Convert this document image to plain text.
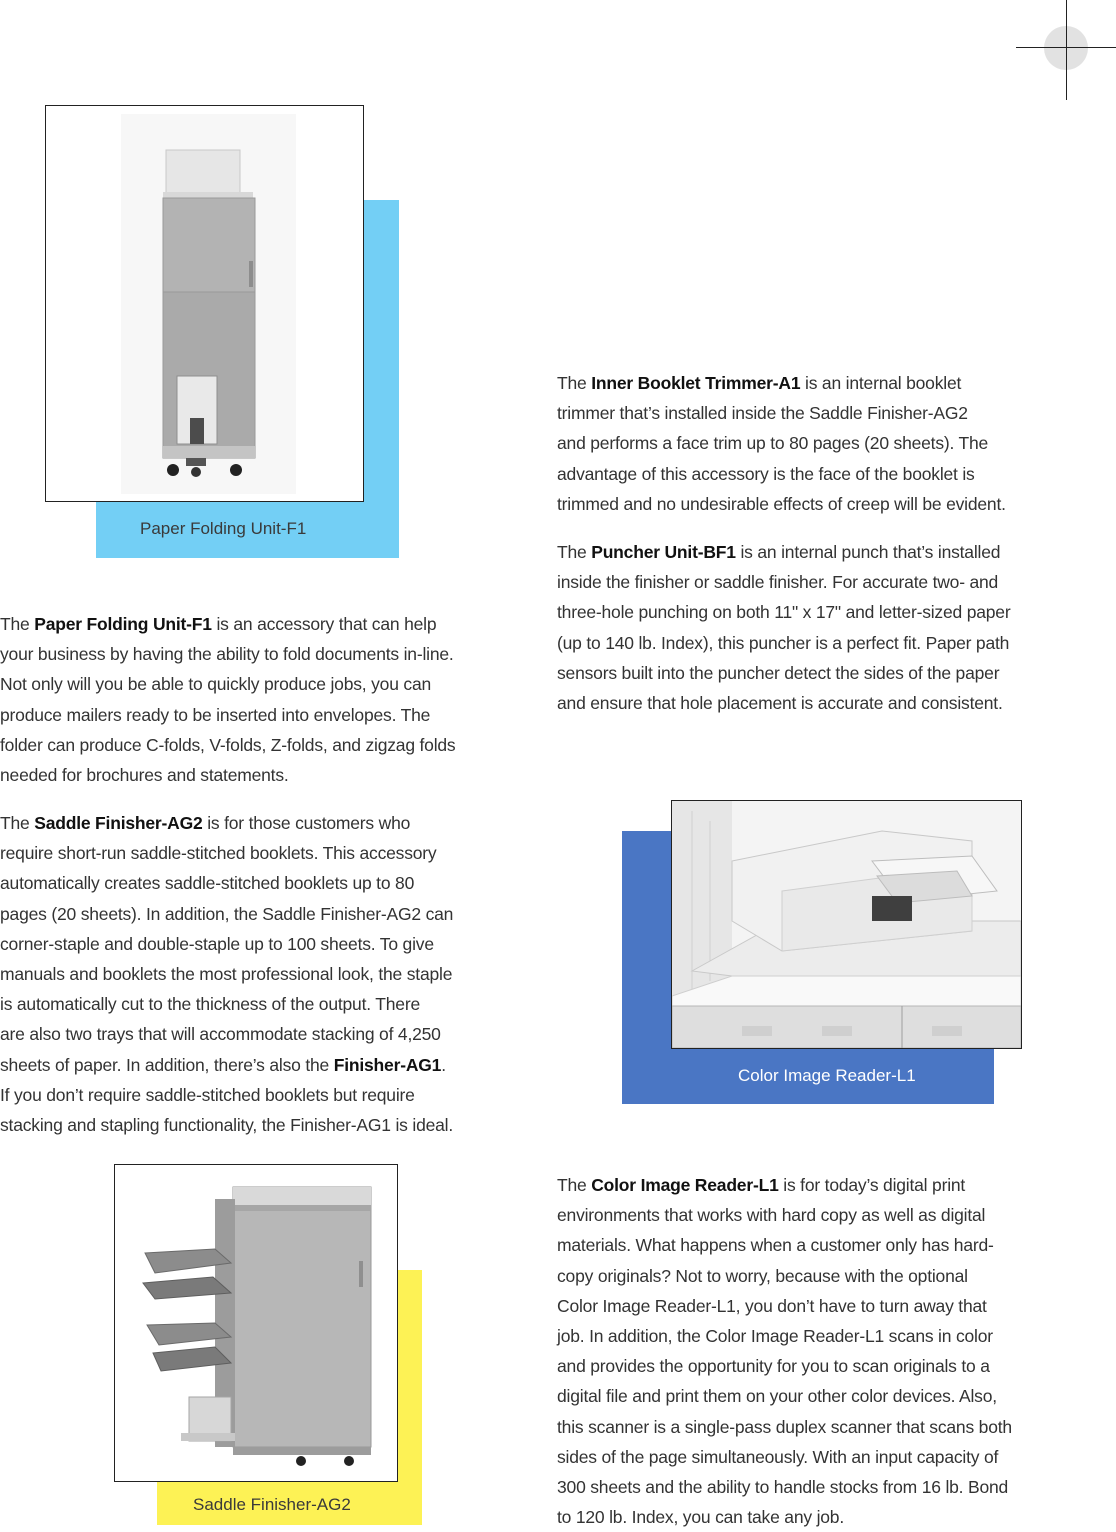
Paper Folding Unit-F1

The Inner Booklet Trimmer-A1 is an internal booklet
trimmer that’s installed inside the Saddle Finisher-AG2
and performs a face trim up to 80 pages (20 sheets). The
advantage of this accessory is the face of the booklet is
trimmed and no undesirable effects of creep will be evident.

The Puncher Unit-BF1 is an internal punch that’s installed
inside the finisher or saddle finisher. For accurate two- and
three-hole punching on both 11" x 17" and letter-sized paper
(up to 140 lb. Index), this puncher is a perfect fit. Paper path
sensors built into the puncher detect the sides of the paper
and ensure that hole placement is accurate and consistent.

The Paper Folding Unit-F1 is an accessory that can help
your business by having the ability to fold documents in-line.
Not only will you be able to quickly produce jobs, you can
produce mailers ready to be inserted into envelopes. The
folder can produce C-folds, V-folds, Z-folds, and zigzag folds
needed for brochures and statements.

The Saddle Finisher-AG2 is for those customers who
require short-run saddle-stitched booklets. This accessory
automatically creates saddle-stitched booklets up to 80
pages (20 sheets). In addition, the Saddle Finisher-AG2 can
corner-staple and double-staple up to 100 sheets. To give
manuals and booklets the most professional look, the staple
is automatically cut to the thickness of the output. There
are also two trays that will accommodate stacking of 4,250
sheets of paper. In addition, there’s also the Finisher-AG1.
If you don’t require saddle-stitched booklets but require
stacking and stapling functionality, the Finisher-AG1 is ideal.

Color Image Reader-L1
Saddle Finisher-AG2

The Color Image Reader-L1 is for today’s digital print
environments that works with hard copy as well as digital
materials. What happens when a customer only has hard-
copy originals? Not to worry, because with the optional
Color Image Reader-L1, you don’t have to turn away that
job. In addition, the Color Image Reader-L1 scans in color
and provides the opportunity for you to scan originals to a
digital file and print them on your other color devices. Also,
this scanner is a single-pass duplex scanner that scans both
sides of the page simultaneously. With an input capacity of
300 sheets and the ability to handle stocks from 16 lb. Bond
to 120 lb. Index, you can take any job.
